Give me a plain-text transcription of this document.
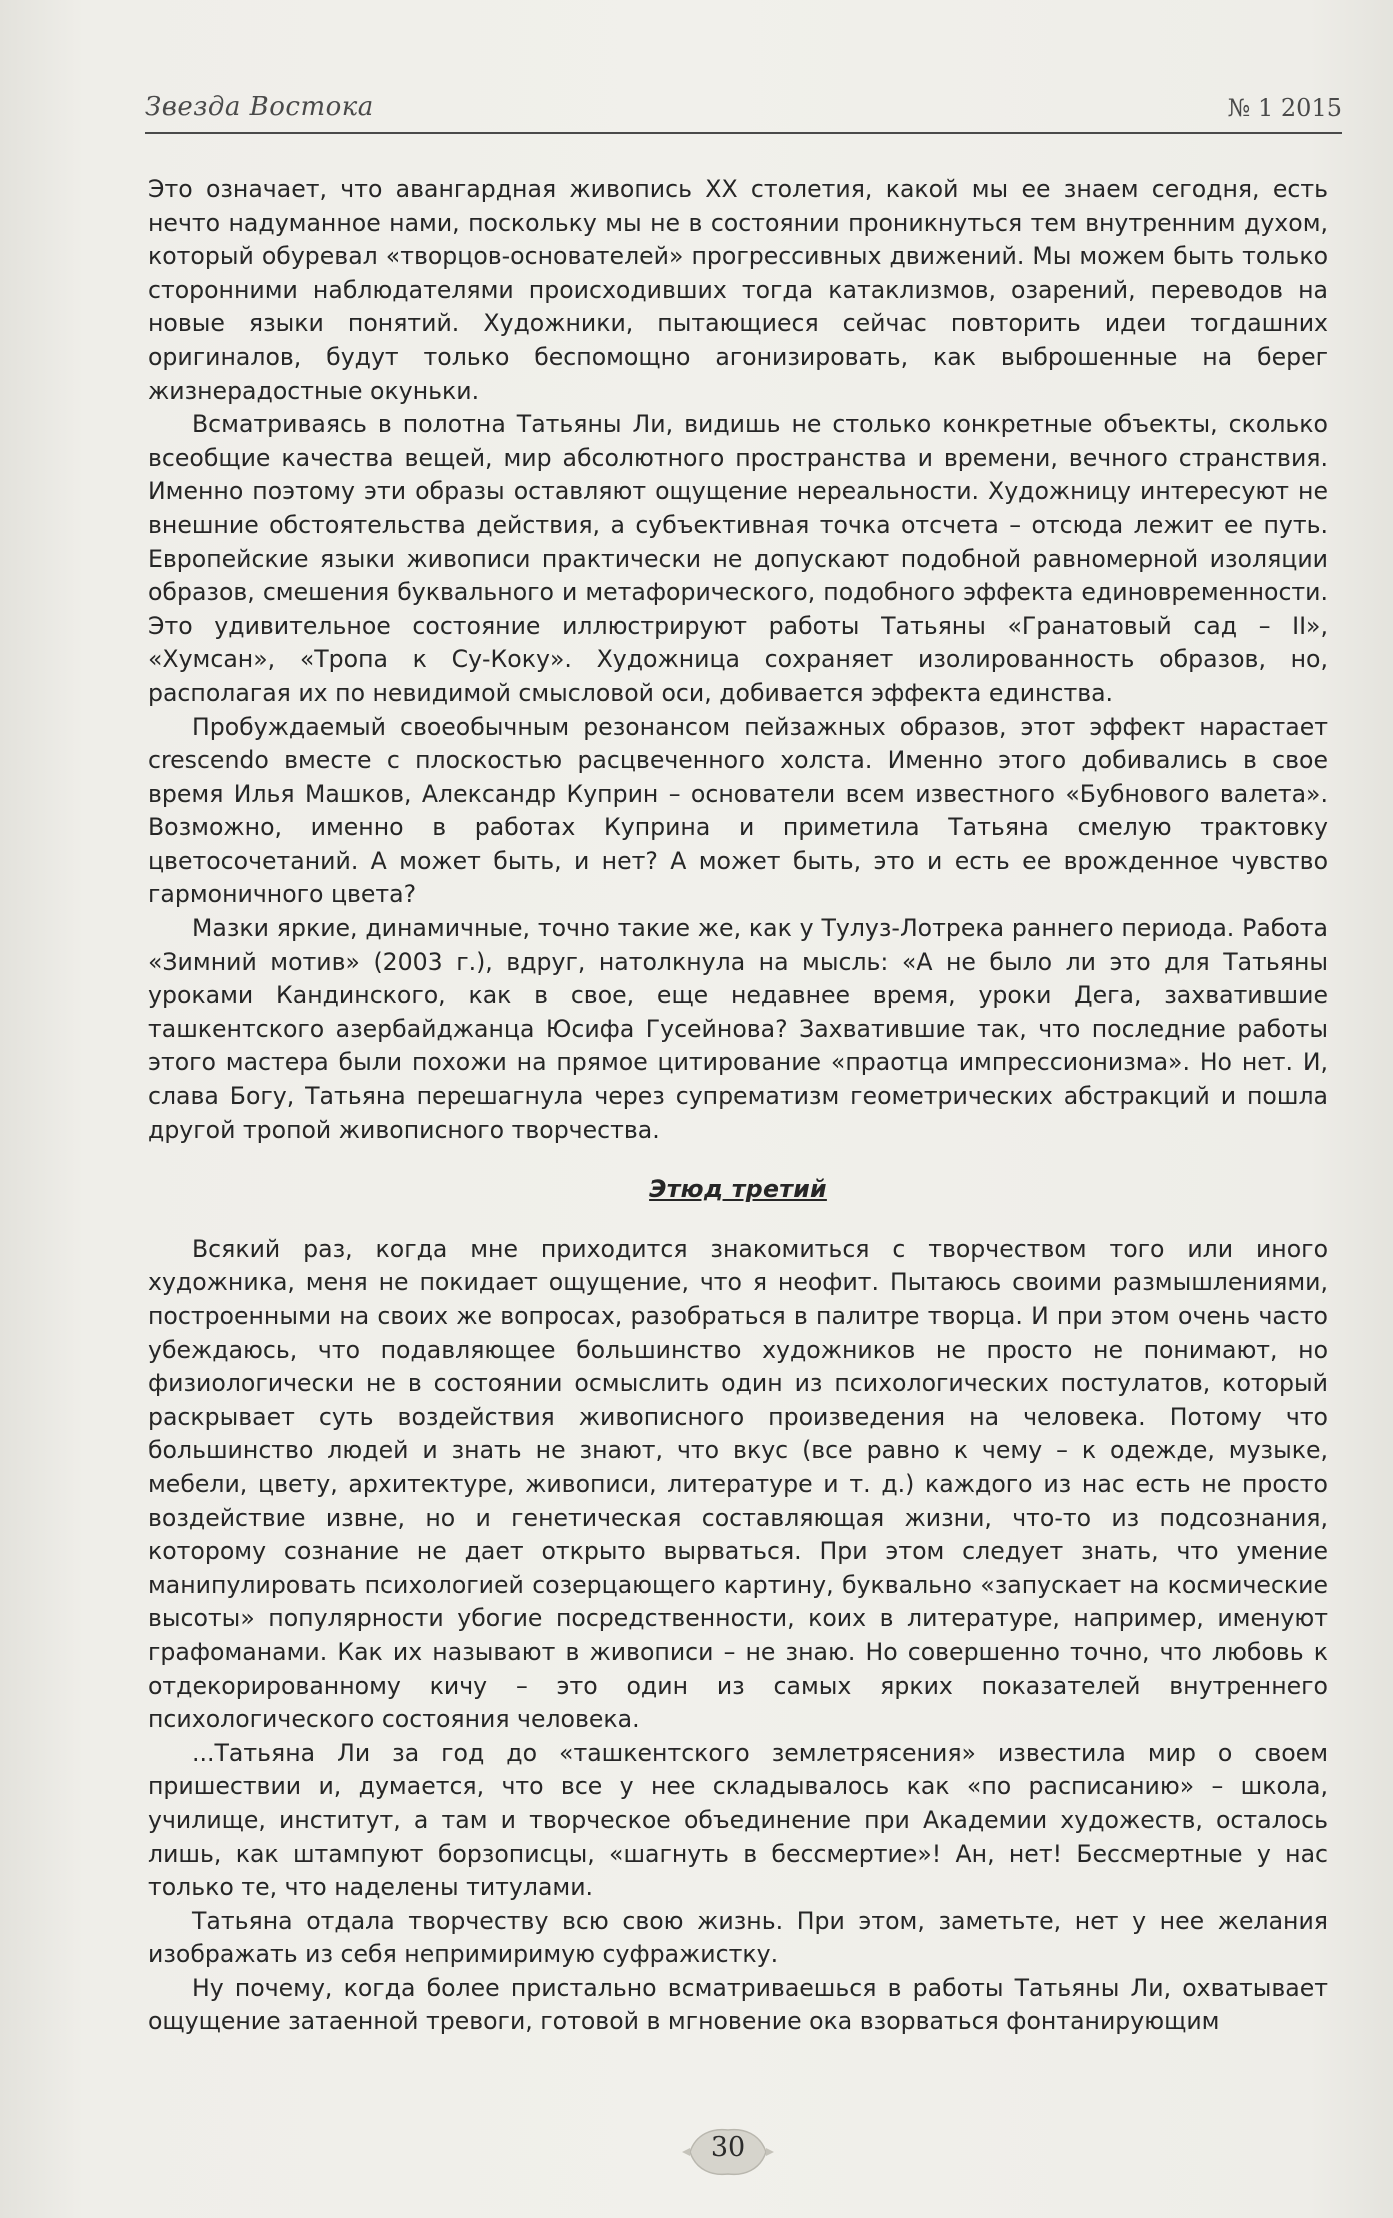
Звезда Востока	№ 1 2015

Это означает, что авангардная живопись XX столетия, какой мы ее знаем сегодня, есть нечто надуманное нами, поскольку мы не в состоянии проникнуться тем внутренним духом, который обуревал «творцов-основателей» прогрессивных движений. Мы можем быть только сторонними наблюдателями происходивших тогда катаклизмов, озарений, переводов на новые языки понятий. Художники, пытающиеся сейчас повторить идеи тогдашних оригиналов, будут только беспомощно агонизировать, как выброшенные на берег жизнерадостные окуньки.

Всматриваясь в полотна Татьяны Ли, видишь не столько конкретные объекты, сколько всеобщие качества вещей, мир абсолютного пространства и времени, вечного странствия. Именно поэтому эти образы оставляют ощущение нереальности. Художницу интересуют не внешние обстоятельства действия, а субъективная точка отсчета – отсюда лежит ее путь. Европейские языки живописи практически не допускают подобной равномерной изоляции образов, смешения буквального и метафорического, подобного эффекта единовременности. Это удивительное состояние иллюстрируют работы Татьяны «Гранатовый сад – II», «Хумсан», «Тропа к Су-Коку». Художница сохраняет изолированность образов, но, располагая их по невидимой смысловой оси, добивается эффекта единства.

Пробуждаемый своеобычным резонансом пейзажных образов, этот эффект нарастает crescendo вместе с плоскостью расцвеченного холста. Именно этого добивались в свое время Илья Машков, Александр Куприн – основатели всем известного «Бубнового валета». Возможно, именно в работах Куприна и приметила Татьяна смелую трактовку цветосочетаний. А может быть, и нет? А может быть, это и есть ее врожденное чувство гармоничного цвета?

Мазки яркие, динамичные, точно такие же, как у Тулуз-Лотрека раннего периода. Работа «Зимний мотив» (2003 г.), вдруг, натолкнула на мысль: «А не было ли это для Татьяны уроками Кандинского, как в свое, еще недавнее время, уроки Дега, захватившие ташкентского азербайджанца Юсифа Гусейнова? Захватившие так, что последние работы этого мастера были похожи на прямое цитирование «праотца импрессионизма». Но нет. И, слава Богу, Татьяна перешагнула через супрематизм геометрических абстракций и пошла другой тропой живописного творчества.

Этюд третий

Всякий раз, когда мне приходится знакомиться с творчеством того или иного художника, меня не покидает ощущение, что я неофит. Пытаюсь своими размышлениями, построенными на своих же вопросах, разобраться в палитре творца. И при этом очень часто убеждаюсь, что подавляющее большинство художников не просто не понимают, но физиологически не в состоянии осмыслить один из психологических постулатов, который раскрывает суть воздействия живописного произведения на человека. Потому что большинство людей и знать не знают, что вкус (все равно к чему – к одежде, музыке, мебели, цвету, архитектуре, живописи, литературе и т. д.) каждого из нас есть не просто воздействие извне, но и генетическая составляющая жизни, что-то из подсознания, которому сознание не дает открыто вырваться. При этом следует знать, что умение манипулировать психологией созерцающего картину, буквально «запускает на космические высоты» популярности убогие посредственности, коих в литературе, например, именуют графоманами. Как их называют в живописи – не знаю. Но совершенно точно, что любовь к отдекорированному кичу – это один из самых ярких показателей внутреннего психологического состояния человека.

...Татьяна Ли за год до «ташкентского землетрясения» известила мир о своем пришествии и, думается, что все у нее складывалось как «по расписанию» – школа, училище, институт, а там и творческое объединение при Академии художеств, осталось лишь, как штампуют борзописцы, «шагнуть в бессмертие»! Ан, нет! Бессмертные у нас только те, что наделены титулами.

Татьяна отдала творчеству всю свою жизнь. При этом, заметьте, нет у нее желания изображать из себя непримиримую суфражистку.

Ну почему, когда более пристально всматриваешься в работы Татьяны Ли, охватывает ощущение затаенной тревоги, готовой в мгновение ока взорваться фонтанирующим

30
